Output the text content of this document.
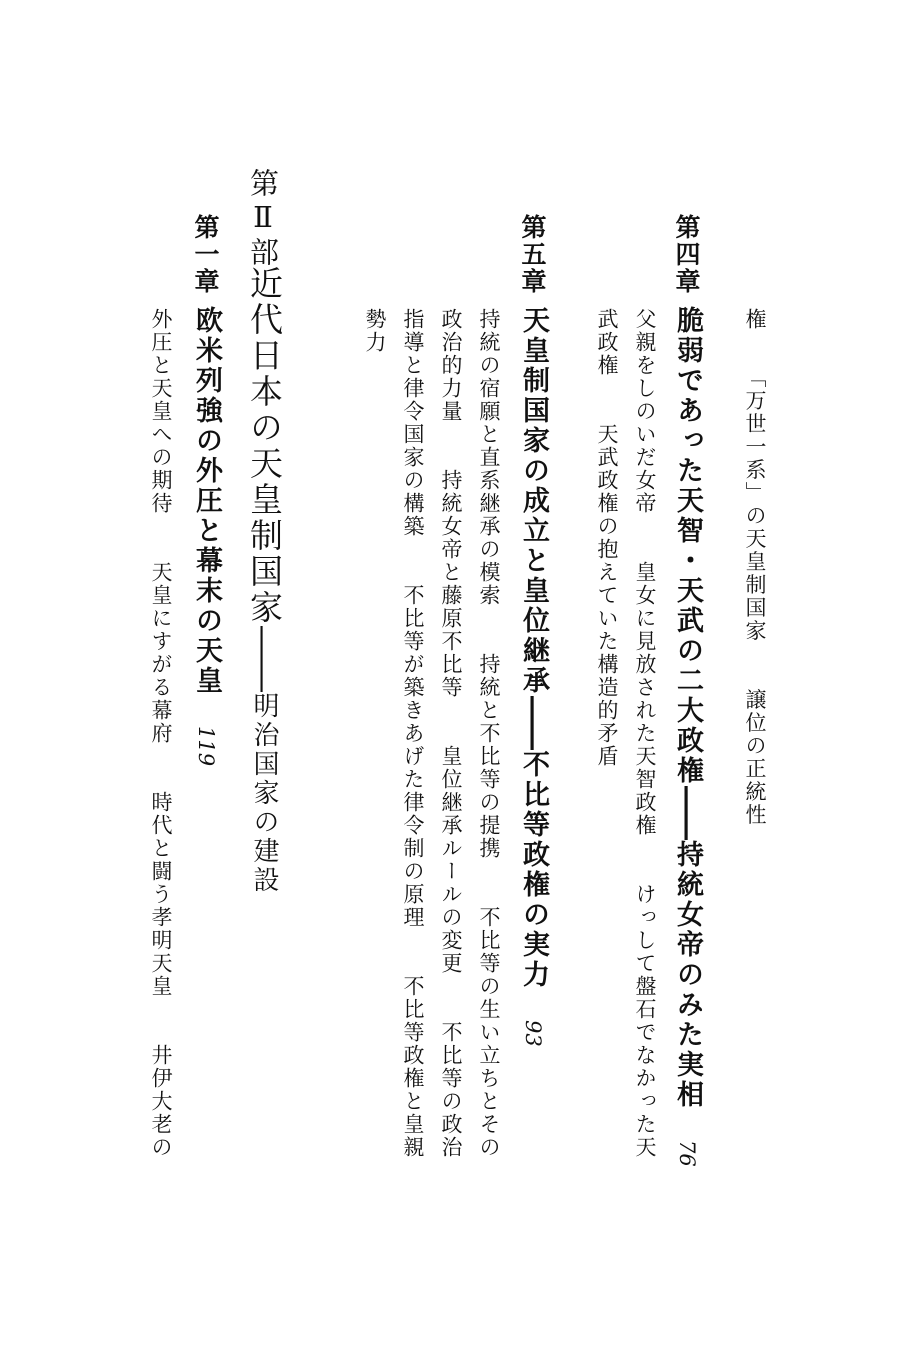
権　　「万世一系」の天皇制国家　　譲位の正統性

第四章

脆弱であった天智・天武の二大政権――持統女帝のみた実相　76

父親をしのいだ女帝　　皇女に見放された天智政権　　けっして盤石でなかった天

武政権　　天武政権の抱えていた構造的矛盾

第五章

天皇制国家の成立と皇位継承――不比等政権の実力　93

持統の宿願と直系継承の模索　　持統と不比等の提携　　不比等の生い立ちとその

政治的力量　　持統女帝と藤原不比等　　皇位継承ルールの変更　　不比等の政治

指導と律令国家の構築　　不比等が築きあげた律令制の原理　　不比等政権と皇親

勢力

第Ⅱ部

近代日本の天皇制国家――明治国家の建設

第一章

欧米列強の外圧と幕末の天皇　119

外圧と天皇への期待　　天皇にすがる幕府　　時代と闘う孝明天皇　　井伊大老の
